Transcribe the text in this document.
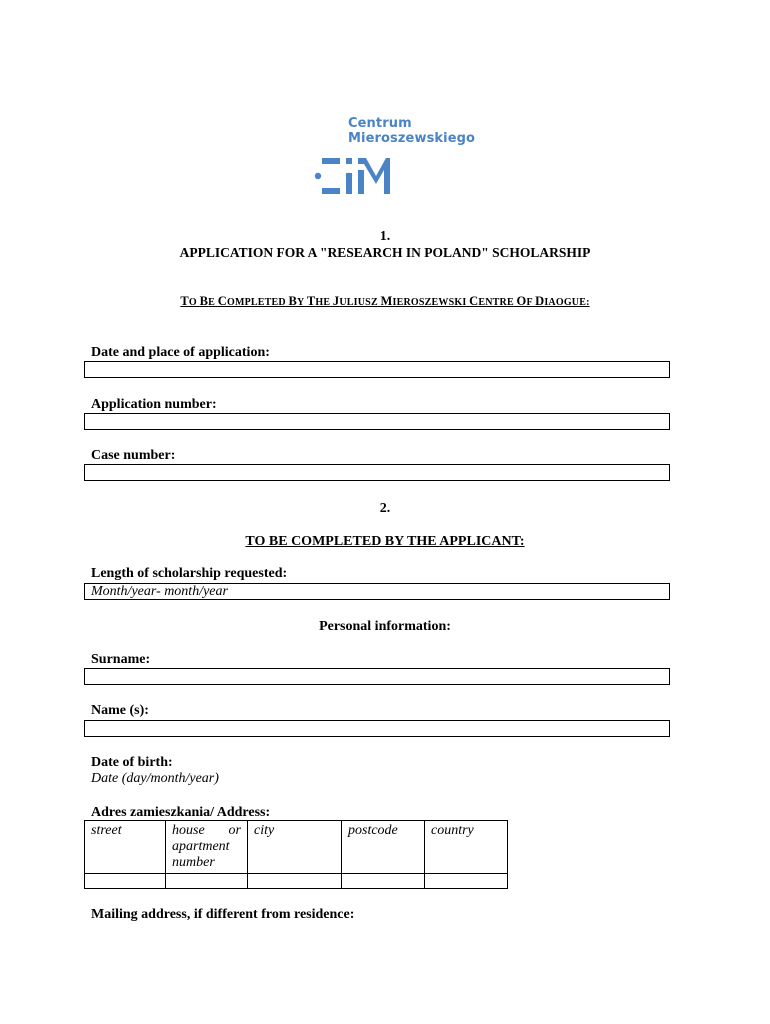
Centrum
Mieroszewskiego
1.
APPLICATION FOR A "RESEARCH IN POLAND" SCHOLARSHIP
TO BE COMPLETED BY THE JULIUSZ MIEROSZEWSKI CENTRE OF DIAOGUE:
Date and place of application:
Application number:
Case number:
2.
TO BE COMPLETED BY THE APPLICANT:
Length of scholarship requested:
Month/year- month/year
Personal information:
Surname:
Name (s):
Date of birth:
Date (day/month/year)
Adres zamieszkania/ Address:
street	house or apartment number	city	postcode	country

Mailing address, if different from residence:
